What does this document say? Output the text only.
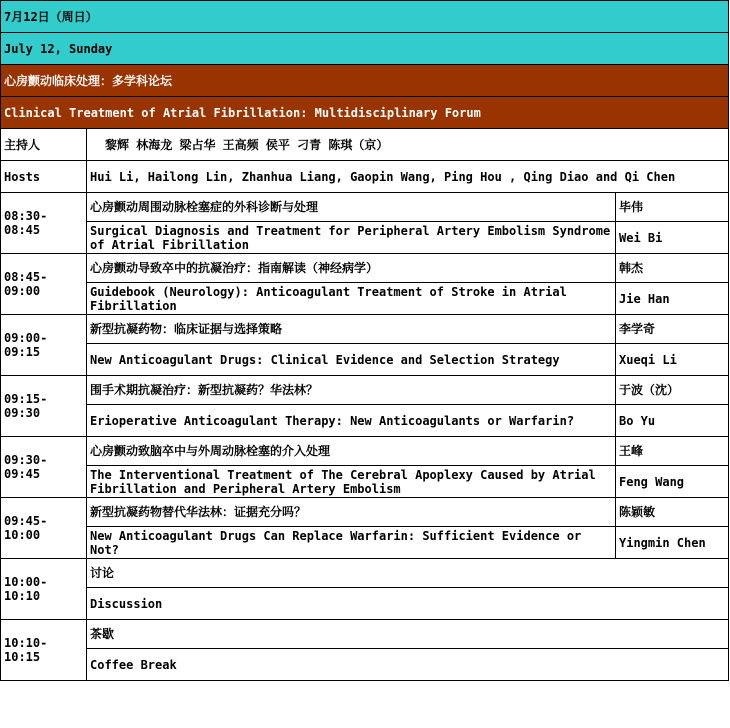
7月12日（周日）		
July 12, Sunday		
心房颤动临床处理：多学科论坛		
Clinical Treatment of Atrial Fibrillation: Multidisciplinary Forum		
主持人	黎辉 林海龙 梁占华 王高频 侯平 刁青 陈琪（京）	
Hosts	Hui Li, Hailong Lin, Zhanhua Liang, Gaopin Wang, Ping Hou , Qing Diao and Qi Chen	
08:30-08:45	心房颤动周围动脉栓塞症的外科诊断与处理	毕伟
	Surgical Diagnosis and Treatment for Peripheral Artery Embolism Syndrome of Atrial Fibrillation	Wei Bi
08:45-09:00	心房颤动导致卒中的抗凝治疗：指南解读（神经病学）	韩杰
	Guidebook (Neurology): Anticoagulant Treatment of Stroke in Atrial Fibrillation	Jie Han
09:00-09:15	新型抗凝药物：临床证据与选择策略	李学奇
	New Anticoagulant Drugs: Clinical Evidence and Selection Strategy	Xueqi Li
09:15-09:30	围手术期抗凝治疗：新型抗凝药？华法林？	于波（沈）
	Erioperative Anticoagulant Therapy: New Anticoagulants or Warfarin?	Bo Yu
09:30-09:45	心房颤动致脑卒中与外周动脉栓塞的介入处理	王峰
	The Interventional Treatment of The Cerebral Apoplexy Caused by Atrial Fibrillation and Peripheral Artery Embolism	Feng Wang
09:45-10:00	新型抗凝药物替代华法林：证据充分吗？	陈颖敏
	New Anticoagulant Drugs Can Replace Warfarin: Sufficient Evidence or Not?	Yingmin Chen
10:00-10:10	讨论	
	Discussion	
10:10-10:15	茶歇	
	Coffee Break	
